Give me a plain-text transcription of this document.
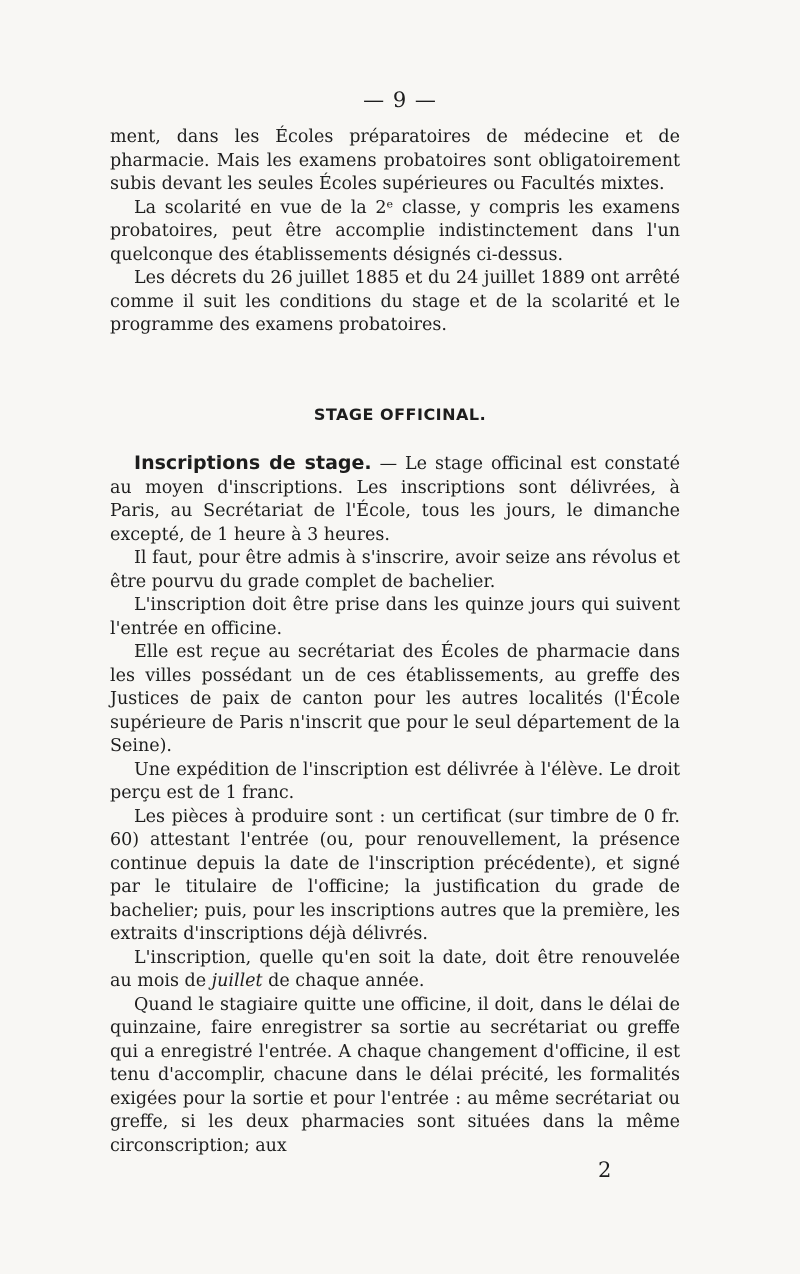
— 9 —

ment, dans les Écoles préparatoires de médecine et de pharmacie. Mais les examens probatoires sont obligatoirement subis devant les seules Écoles supérieures ou Facultés mixtes.

La scolarité en vue de la 2ᵉ classe, y compris les examens probatoires, peut être accomplie indistinctement dans l'un quelconque des établissements désignés ci-dessus.

Les décrets du 26 juillet 1885 et du 24 juillet 1889 ont arrêté comme il suit les conditions du stage et de la scolarité et le programme des examens probatoires.

STAGE OFFICINAL.

Inscriptions de stage. — Le stage officinal est constaté au moyen d'inscriptions. Les inscriptions sont délivrées, à Paris, au Secrétariat de l'École, tous les jours, le dimanche excepté, de 1 heure à 3 heures.

Il faut, pour être admis à s'inscrire, avoir seize ans révolus et être pourvu du grade complet de bachelier.

L'inscription doit être prise dans les quinze jours qui suivent l'entrée en officine.

Elle est reçue au secrétariat des Écoles de pharmacie dans les villes possédant un de ces établissements, au greffe des Justices de paix de canton pour les autres localités (l'École supérieure de Paris n'inscrit que pour le seul département de la Seine).

Une expédition de l'inscription est délivrée à l'élève. Le droit perçu est de 1 franc.

Les pièces à produire sont : un certificat (sur timbre de 0 fr. 60) attestant l'entrée (ou, pour renouvellement, la présence continue depuis la date de l'inscription précédente), et signé par le titulaire de l'officine; la justification du grade de bachelier; puis, pour les inscriptions autres que la première, les extraits d'inscriptions déjà délivrés.

L'inscription, quelle qu'en soit la date, doit être renouvelée au mois de juillet de chaque année.

Quand le stagiaire quitte une officine, il doit, dans le délai de quinzaine, faire enregistrer sa sortie au secrétariat ou greffe qui a enregistré l'entrée. A chaque changement d'officine, il est tenu d'accomplir, chacune dans le délai précité, les formalités exigées pour la sortie et pour l'entrée : au même secrétariat ou greffe, si les deux pharmacies sont situées dans la même circonscription; aux

2
